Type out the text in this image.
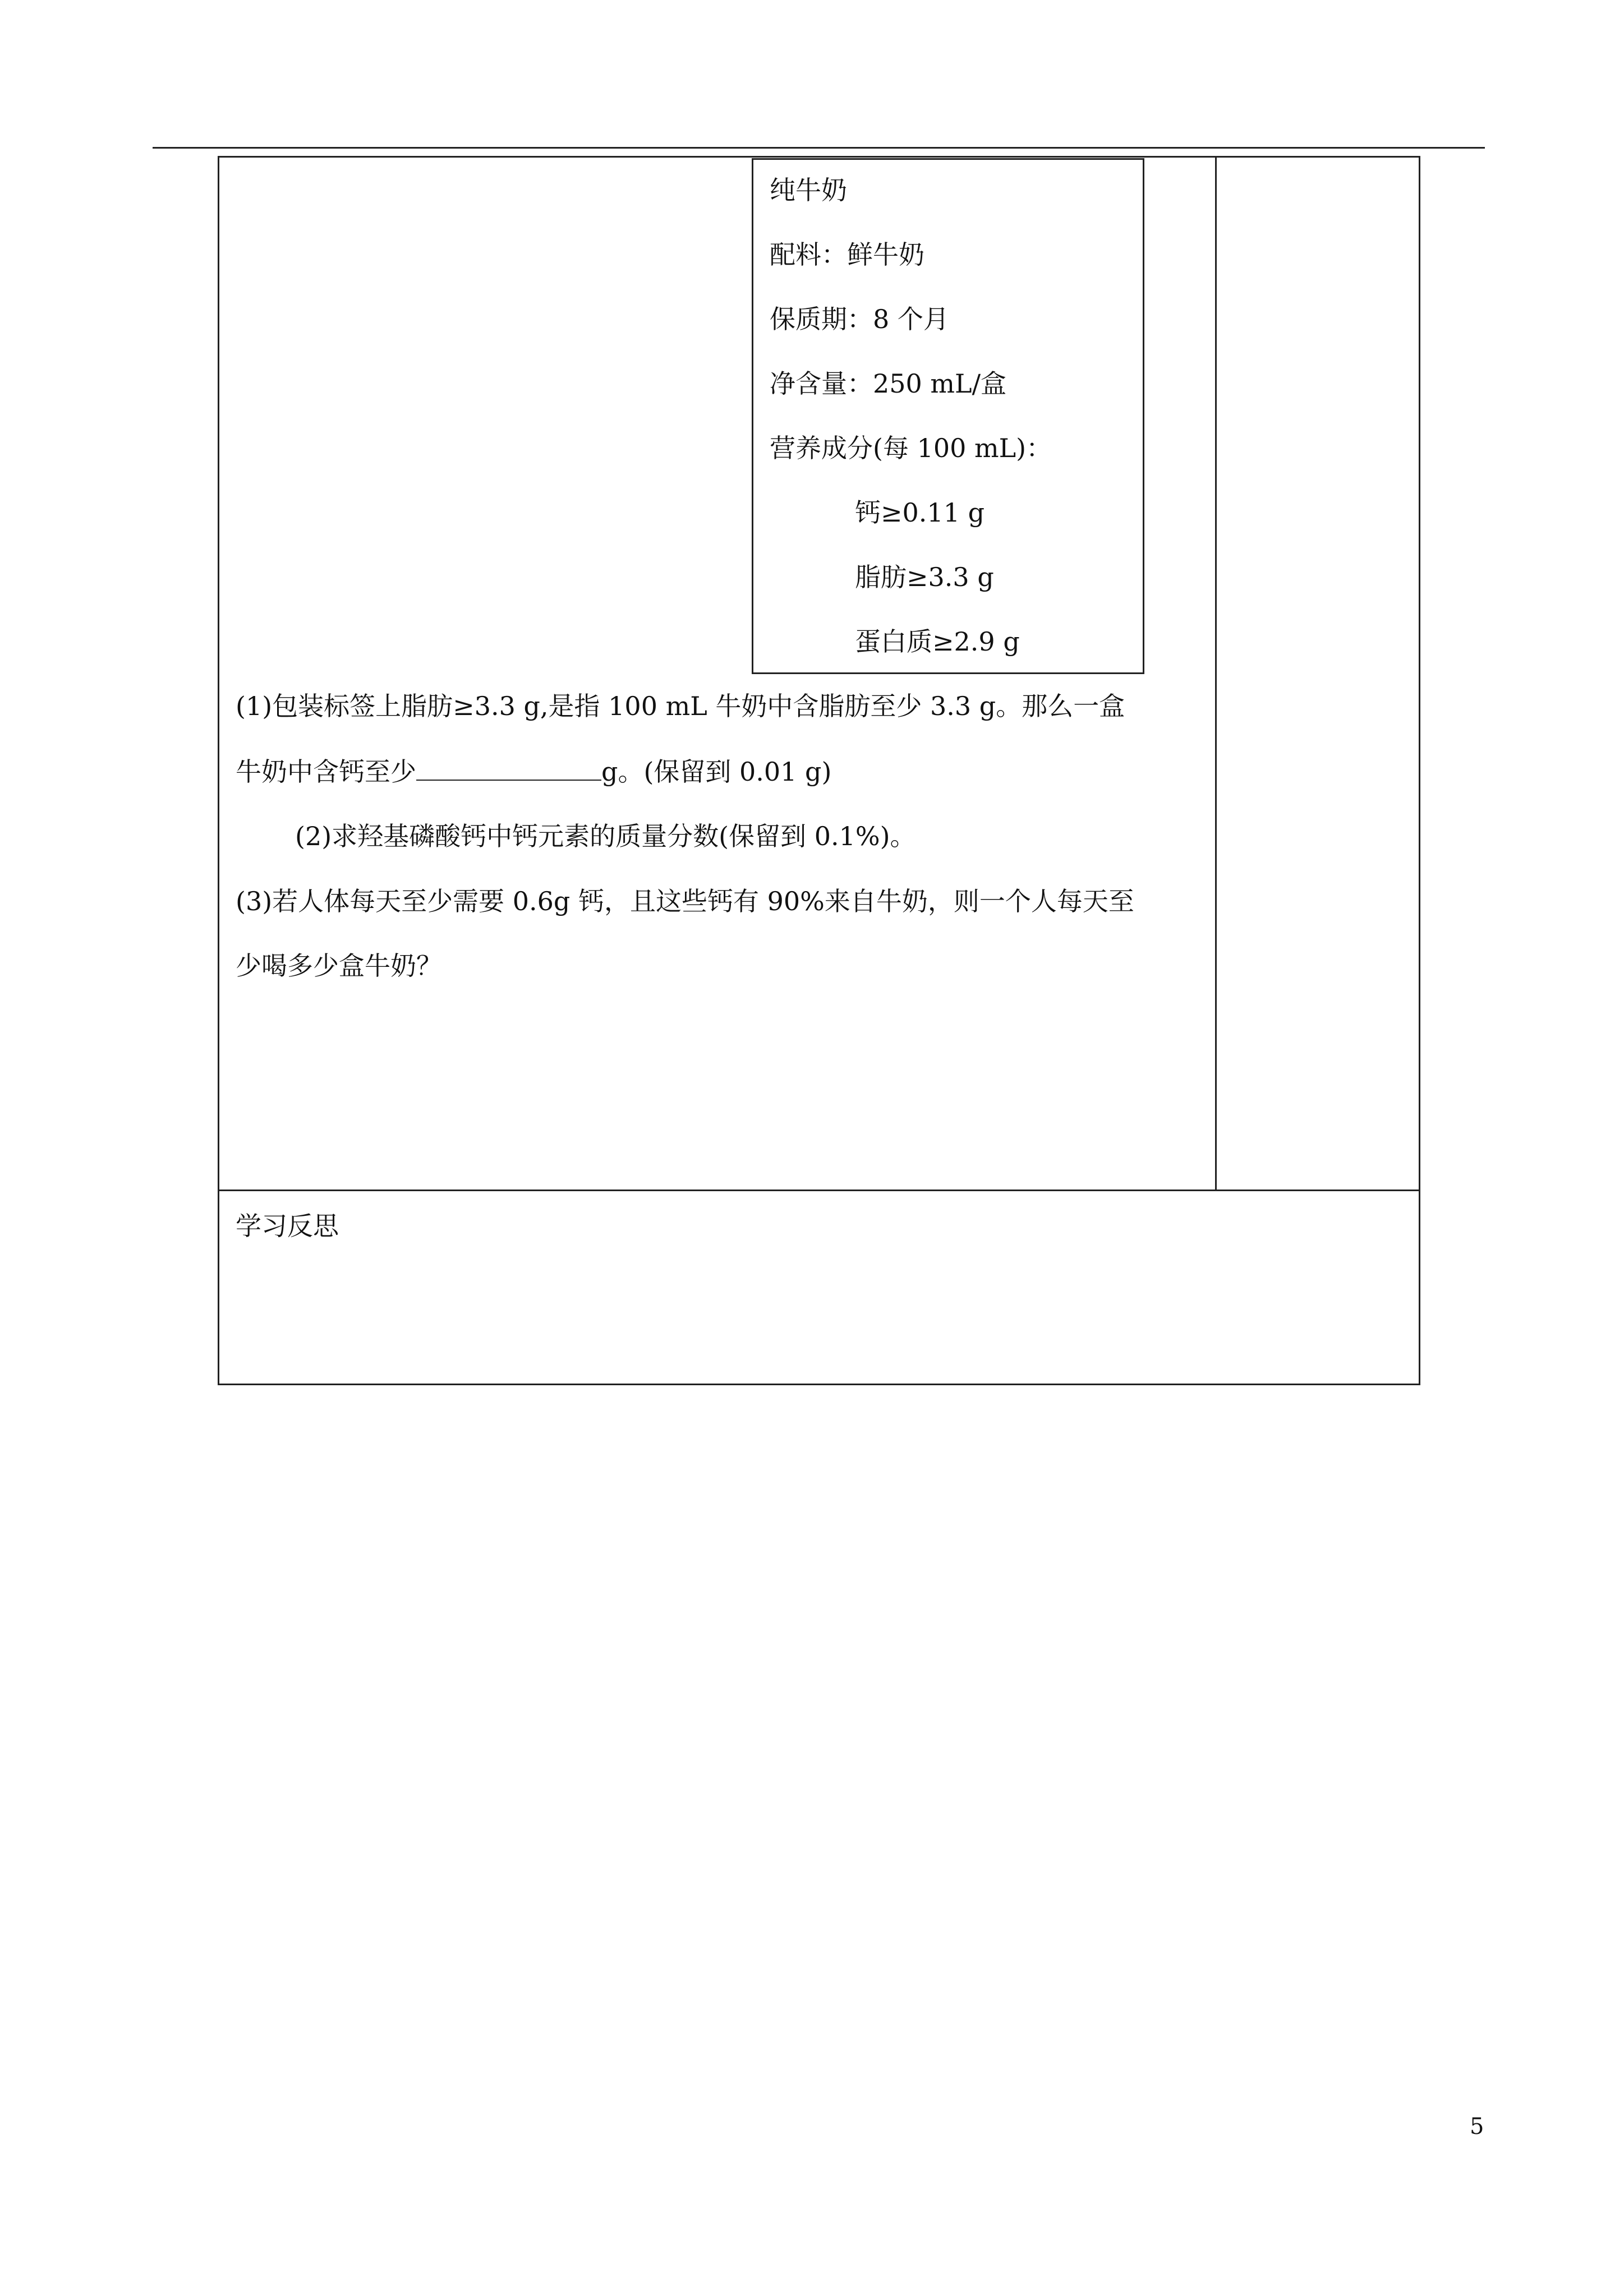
纯牛奶
配料：鲜牛奶
保质期：8 个月
净含量：250 mL/盒
营养成分(每 100 mL)：
钙≥0.11 g
脂肪≥3.3 g
蛋白质≥2.9 g
(1)包装标签上脂肪≥3.3 g,是指 100 mL 牛奶中含脂肪至少 3.3 g。那么一盒
牛奶中含钙至少	g。(保留到 0.01 g)
(2)求羟基磷酸钙中钙元素的质量分数(保留到 0.1%)。
(3)若人体每天至少需要 0.6g 钙，且这些钙有 90%来自牛奶，则一个人每天至
少喝多少盒牛奶？
学习反思
5
